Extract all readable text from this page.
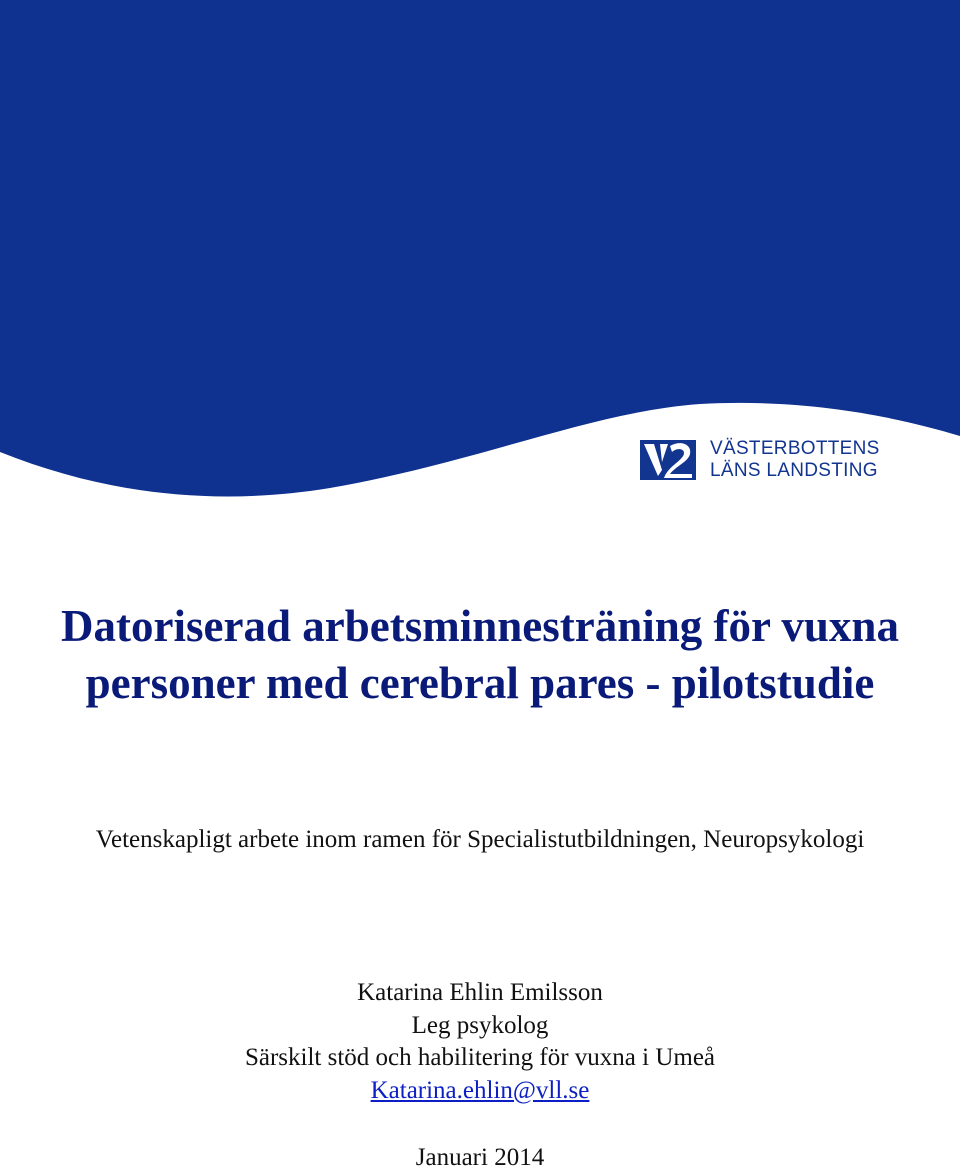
VÄSTERBOTTENS
LÄNS LANDSTING
Datoriserad arbetsminnesträning för vuxna
personer med cerebral pares - pilotstudie
Vetenskapligt arbete inom ramen för Specialistutbildningen, Neuropsykologi
Katarina Ehlin Emilsson
Leg psykolog
Särskilt stöd och habilitering för vuxna i Umeå
Katarina.ehlin@vll.se
Januari 2014
